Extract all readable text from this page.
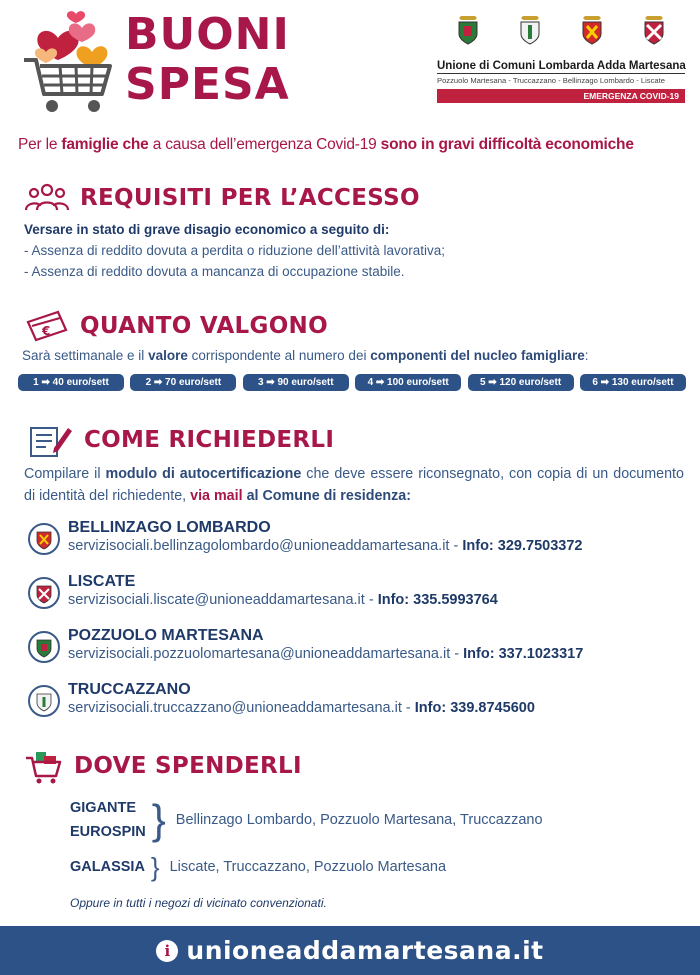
BUONI
SPESA	Unione di Comuni Lombarda Adda Martesana
Pozzuolo Martesana - Truccazzano - Bellinzago Lombardo - Liscate
EMERGENZA COVID-19
Per le famiglie che a causa dell’emergenza Covid-19 sono in gravi difficoltà economiche
REQUISITI PER L’ACCESSO
Versare in stato di grave disagio economico a seguito di:
- Assenza di reddito dovuta a perdita o riduzione dell’attività lavorativa;
- Assenza di reddito dovuta a mancanza di occupazione stabile.
€ QUANTO VALGONO
Sarà settimanale e il valore corrispondente al numero dei componenti del nucleo famigliare:
1 ➡ 40 euro/sett	2 ➡ 70 euro/sett	3 ➡ 90 euro/sett	4 ➡ 100 euro/sett	5 ➡ 120 euro/sett	6 ➡ 130 euro/sett
COME RICHIEDERLI
Compilare il modulo di autocertificazione che deve essere riconsegnato, con copia di un documento di identità del richiedente, via mail al Comune di residenza:
BELLINZAGO LOMBARDO
servizisociali.bellinzagolombardo@unioneaddamartesana.it - Info: 329.7503372
LISCATE
servizisociali.liscate@unioneaddamartesana.it - Info: 335.5993764
POZZUOLO MARTESANA
servizisociali.pozzuolomartesana@unioneaddamartesana.it - Info: 337.1023317
TRUCCAZZANO
servizisociali.truccazzano@unioneaddamartesana.it - Info: 339.8745600
DOVE SPENDERLI
GIGANTE
EUROSPIN } Bellinzago Lombardo, Pozzuolo Martesana, Truccazzano
GALASSIA } Liscate, Truccazzano, Pozzuolo Martesana
Oppure in tutti i negozi di vicinato convenzionati.
i unioneaddamartesana.it
